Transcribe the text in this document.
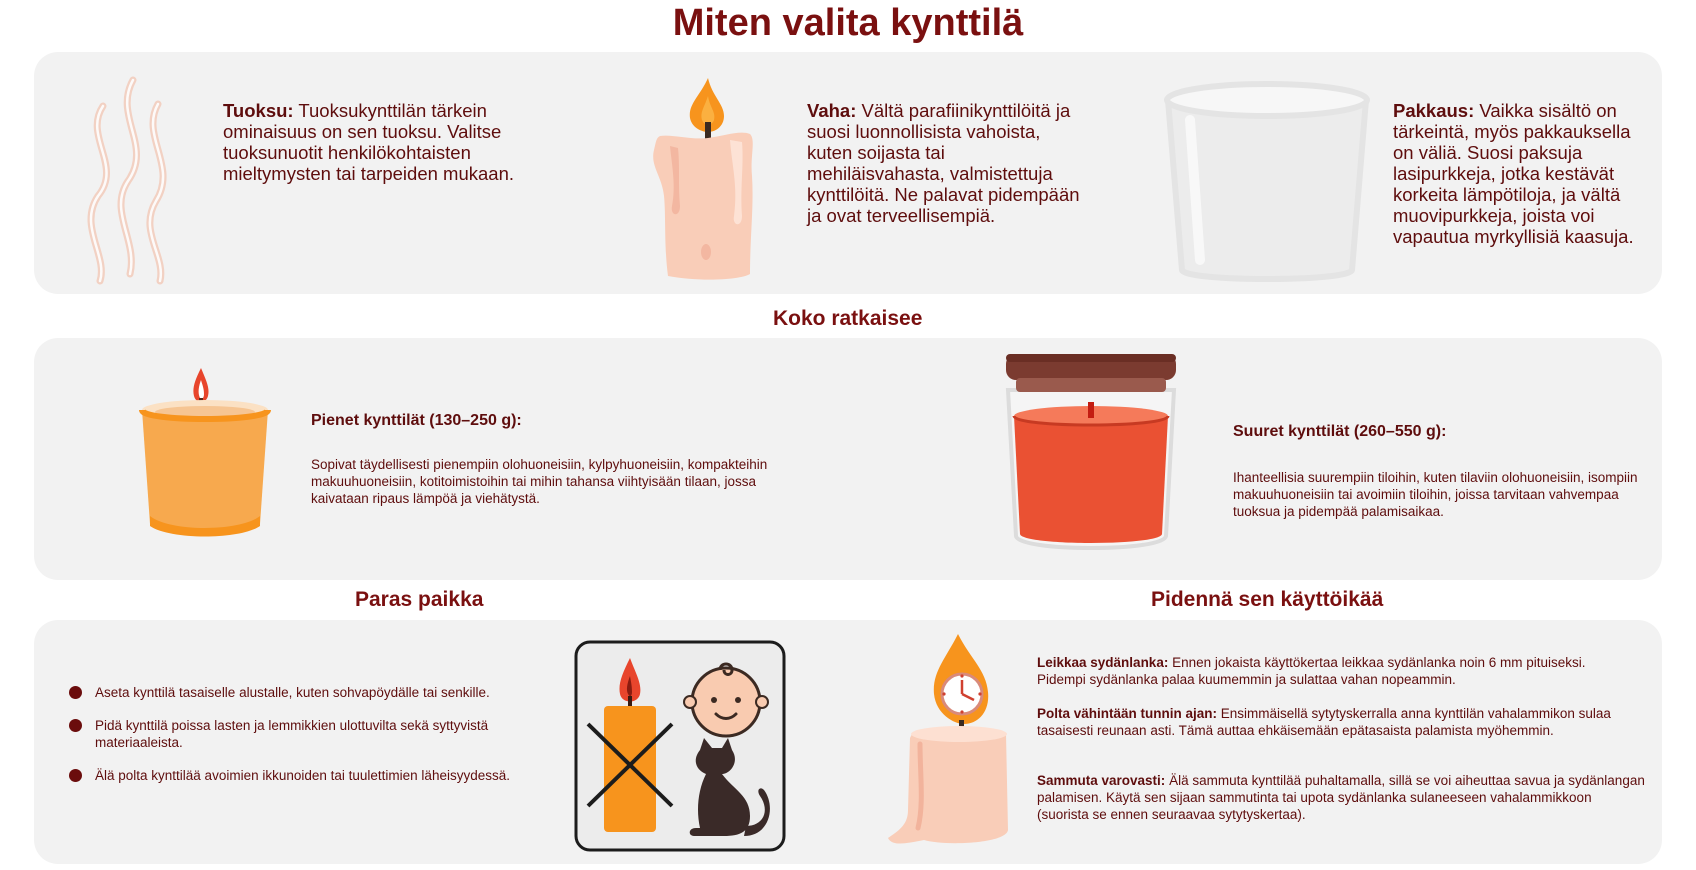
Miten valita kynttilä
Tuoksu: Tuoksukynttilän tärkein ominaisuus on sen tuoksu. Valitse tuoksunuotit henkilökohtaisten mieltymysten tai tarpeiden mukaan.
Vaha: Vältä parafiinikynttilöitä ja suosi luonnollisista vahoista, kuten soijasta tai mehiläisvahasta, valmistettuja kynttilöitä. Ne palavat pidempään ja ovat terveellisempiä.
Pakkaus: Vaikka sisältö on tärkeintä, myös pakkauksella on väliä. Suosi paksuja lasipurkkeja, jotka kestävät korkeita lämpötiloja, ja vältä muovipurkkeja, joista voi vapautua myrkyllisiä kaasuja.
Koko ratkaisee
Pienet kynttilät (130–250 g):
Sopivat täydellisesti pienempiin olohuoneisiin, kylpyhuoneisiin, kompakteihin makuuhuoneisiin, kotitoimistoihin tai mihin tahansa viihtyisään tilaan, jossa kaivataan ripaus lämpöä ja viehätystä.
Suuret kynttilät (260–550 g):
Ihanteellisia suurempiin tiloihin, kuten tilaviin olohuoneisiin, isompiin makuuhuoneisiin tai avoimiin tiloihin, joissa tarvitaan vahvempaa tuoksua ja pidempää palamisaikaa.
Paras paikka	Pidennä sen käyttöikää
Aseta kynttilä tasaiselle alustalle, kuten sohvapöydälle tai senkille.
Pidä kynttilä poissa lasten ja lemmikkien ulottuvilta sekä syttyvistä materiaaleista.
Älä polta kynttilää avoimien ikkunoiden tai tuulettimien läheisyydessä.
Leikkaa sydänlanka: Ennen jokaista käyttökertaa leikkaa sydänlanka noin 6 mm pituiseksi. Pidempi sydänlanka palaa kuumemmin ja sulattaa vahan nopeammin.
Polta vähintään tunnin ajan: Ensimmäisellä sytytyskerralla anna kynttilän vahalammikon sulaa tasaisesti reunaan asti. Tämä auttaa ehkäisemään epätasaista palamista myöhemmin.
Sammuta varovasti: Älä sammuta kynttilää puhaltamalla, sillä se voi aiheuttaa savua ja sydänlangan palamisen. Käytä sen sijaan sammutinta tai upota sydänlanka sulaneeseen vahalammikkoon (suorista se ennen seuraavaa sytytyskertaa).
